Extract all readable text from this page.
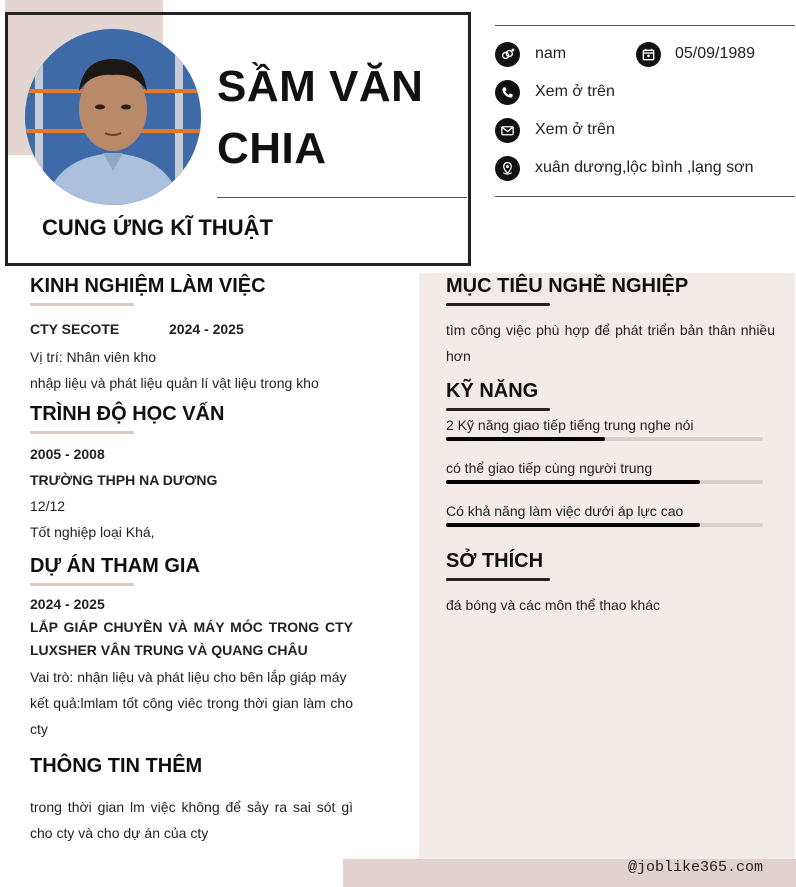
SẦM VĂN
CHIA
CUNG ỨNG KĨ THUẬT
nam	05/09/1989
Xem ở trên
Xem ở trên
xuân dương,lộc bình ,lạng sơn
KINH NGHIỆM LÀM VIỆC
CTY SECOTE	2024 - 2025
Vị trí: Nhân viên kho
nhập liệu và phát liệu quản lí vật liệu trong kho
TRÌNH ĐỘ HỌC VẤN
2005 - 2008
TRƯỜNG THPH NA DƯƠNG
12/12
Tốt nghiệp loại Khá,
DỰ ÁN THAM GIA
2024 - 2025
LẮP GIÁP CHUYỀN VÀ MÁY MÓC TRONG CTY LUXSHER VÂN TRUNG VÀ QUANG CHÂU
Vai trò: nhận liệu và phát liệu cho bên lắp giáp máy
kết quả:lmlam tốt công viêc trong thời gian làm cho cty
THÔNG TIN THÊM
trong thời gian lm việc không để sảy ra sai sót gì cho cty và cho dự án của cty
MỤC TIÊU NGHỀ NGHIỆP
tìm công việc phù hợp để phát triển bản thân nhiều hơn
KỸ NĂNG
2 Kỹ năng giao tiếp tiếng trung nghe nói
có thể giao tiếp cùng người trung
Có khả năng làm việc dưới áp lực cao
SỞ THÍCH
đá bóng và các môn thể thao khác
@joblike365.com
